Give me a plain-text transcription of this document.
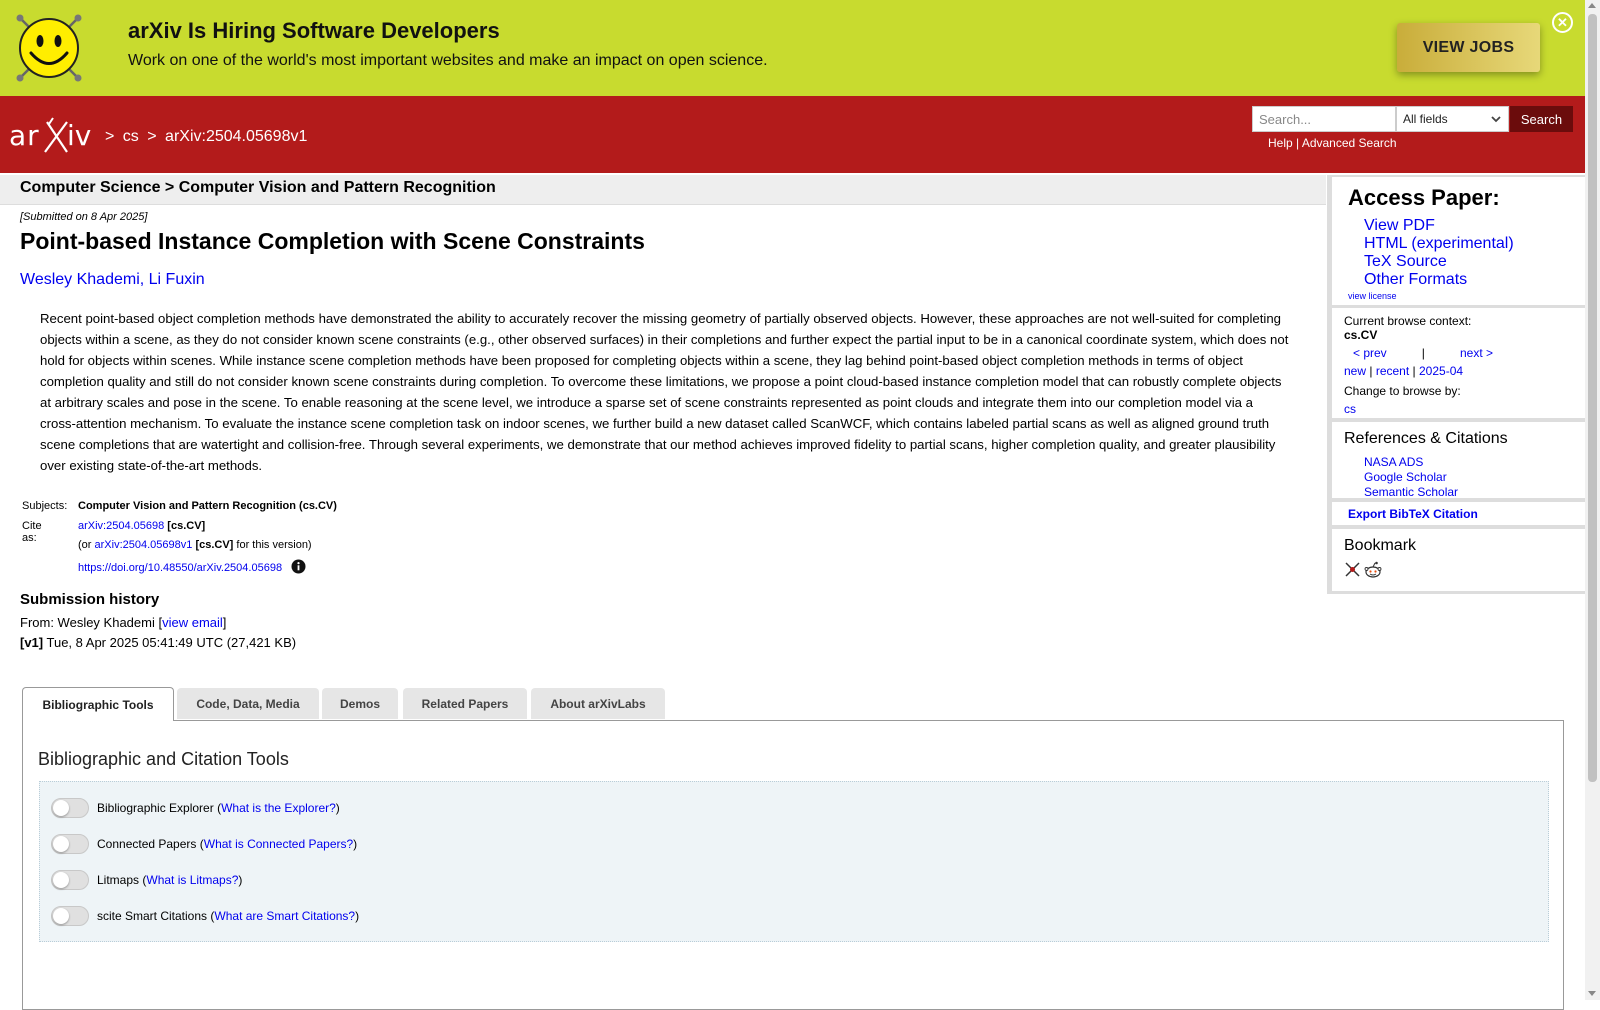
arXiv Is Hiring Software Developers
Work on one of the world's most important websites and make an impact on open science.
VIEW JOBS
✕
ar iv > cs > arXiv:2504.05698v1
Search...
All fields	Search
Help | Advanced Search
Computer Science > Computer Vision and Pattern Recognition
[Submitted on 8 Apr 2025]
Point-based Instance Completion with Scene Constraints
Wesley Khademi, Li Fuxin

Recent point-based object completion methods have demonstrated the ability to accurately recover the missing geometry of partially observed objects. However, these approaches are not well-suited for completing objects within a scene, as they do not consider known scene constraints (e.g., other observed surfaces) in their completions and further expect the partial input to be in a canonical coordinate system, which does not hold for objects within scenes. While instance scene completion methods have been proposed for completing objects within a scene, they lag behind point-based object completion methods in terms of object completion quality and still do not consider known scene constraints during completion. To overcome these limitations, we propose a point cloud-based instance completion model that can robustly complete objects at arbitrary scales and pose in the scene. To enable reasoning at the scene level, we introduce a sparse set of scene constraints represented as point clouds and integrate them into our completion model via a cross-attention mechanism. To evaluate the instance scene completion task on indoor scenes, we further build a new dataset called ScanWCF, which contains labeled partial scans as well as aligned ground truth scene completions that are watertight and collision-free. Through several experiments, we demonstrate that our method achieves improved fidelity to partial scans, higher completion quality, and greater plausibility over existing state-of-the-art methods.

Subjects: Computer Vision and Pattern Recognition (cs.CV)
Cite as:
arXiv:2504.05698 [cs.CV]
(or arXiv:2504.05698v1 [cs.CV] for this version)
https://doi.org/10.48550/arXiv.2504.05698
Submission history
From: Wesley Khademi [view email]
[v1] Tue, 8 Apr 2025 05:41:49 UTC (27,421 KB)
Access Paper:
View PDF
HTML (experimental)
TeX Source
Other Formats
view license
Current browse context:
cs.CV
< prev	|	next >
new | recent | 2025-04
Change to browse by:
cs
References & Citations
NASA ADS
Google Scholar
Semantic Scholar
Export BibTeX Citation
Bookmark
Bibliographic Tools	Code, Data, Media	Demos	Related Papers	About arXivLabs
Bibliographic and Citation Tools
Bibliographic Explorer ( What is the Explorer? )
Connected Papers ( What is Connected Papers? )
Litmaps ( What is Litmaps? )
scite Smart Citations ( What are Smart Citations? )
